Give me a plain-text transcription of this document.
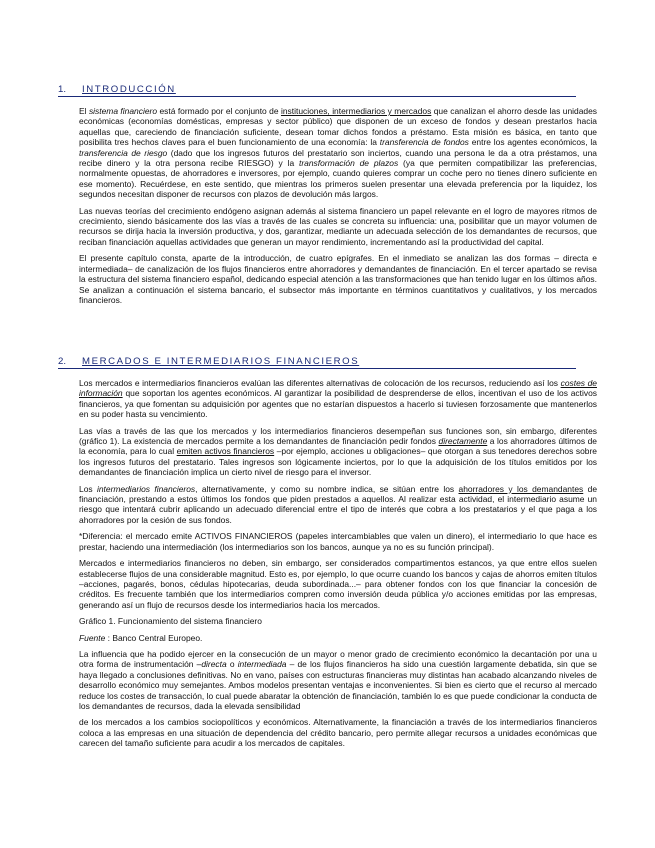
1. INTRODUCCIÓN

El sistema financiero está formado por el conjunto de instituciones, intermediarios y mercados que canalizan el ahorro desde las unidades económicas (economías domésticas, empresas y sector público) que disponen de un exceso de fondos y desean prestarlos hacia aquellas que, careciendo de financiación suficiente, desean tomar dichos fondos a préstamo. Esta misión es básica, en tanto que posibilita tres hechos claves para el buen funcionamiento de una economía: la transferencia de fondos entre los agentes económicos, la transferencia de riesgo (dado que los ingresos futuros del prestatario son inciertos, cuando una persona le da a otra préstamos, una recibe dinero y la otra persona recibe RIESGO) y la transformación de plazos (ya que permiten compatibilizar las preferencias, normalmente opuestas, de ahorradores e inversores, por ejemplo, cuando quieres comprar un coche pero no tienes dinero suficiente en ese momento). Recuérdese, en este sentido, que mientras los primeros suelen presentar una elevada preferencia por la liquidez, los segundos necesitan disponer de recursos con plazos de devolución más largos.

Las nuevas teorías del crecimiento endógeno asignan además al sistema financiero un papel relevante en el logro de mayores ritmos de crecimiento, siendo básicamente dos las vías a través de las cuales se concreta su influencia: una, posibilitar que un mayor volumen de recursos se dirija hacia la inversión productiva, y dos, garantizar, mediante un adecuada selección de los demandantes de recursos, que reciban financiación aquellas actividades que generan un mayor rendimiento, incrementando así la productividad del capital.

El presente capítulo consta, aparte de la introducción, de cuatro epígrafes. En el inmediato se analizan las dos formas – directa e intermediada– de canalización de los flujos financieros entre ahorradores y demandantes de financiación. En el tercer apartado se revisa la estructura del sistema financiero español, dedicando especial atención a las transformaciones que han tenido lugar en los últimos años. Se analizan a continuación el sistema bancario, el subsector más importante en términos cuantitativos y cualitativos, y los mercados financieros.

2. MERCADOS E INTERMEDIARIOS FINANCIEROS

Los mercados e intermediarios financieros evalúan las diferentes alternativas de colocación de los recursos, reduciendo así los costes de información que soportan los agentes económicos. Al garantizar la posibilidad de desprenderse de ellos, incentivan el uso de los activos financieros, ya que fomentan su adquisición por agentes que no estarían dispuestos a hacerlo si tuviesen forzosamente que mantenerlos en su poder hasta su vencimiento.

Las vías a través de las que los mercados y los intermediarios financieros desempeñan sus funciones son, sin embargo, diferentes (gráfico 1). La existencia de mercados permite a los demandantes de financiación pedir fondos directamente a los ahorradores últimos de la economía, para lo cual emiten activos financieros –por ejemplo, acciones u obligaciones– que otorgan a sus tenedores derechos sobre los ingresos futuros del prestatario. Tales ingresos son lógicamente inciertos, por lo que la adquisición de los títulos emitidos por los demandantes de financiación implica un cierto nivel de riesgo para el inversor.

Los intermediarios financieros, alternativamente, y como su nombre indica, se sitúan entre los ahorradores y los demandantes de financiación, prestando a estos últimos los fondos que piden prestados a aquellos. Al realizar esta actividad, el intermediario asume un riesgo que intentará cubrir aplicando un adecuado diferencial entre el tipo de interés que cobra a los prestatarios y el que paga a los ahorradores por la cesión de sus fondos.

*Diferencia: el mercado emite ACTIVOS FINANCIEROS (papeles intercambiables que valen un dinero), el intermediario lo que hace es prestar, haciendo una intermediación (los intermediarios son los bancos, aunque ya no es su función principal).

Mercados e intermediarios financieros no deben, sin embargo, ser considerados compartimentos estancos, ya que entre ellos suelen establecerse flujos de una considerable magnitud. Esto es, por ejemplo, lo que ocurre cuando los bancos y cajas de ahorros emiten títulos –acciones, pagarés, bonos, cédulas hipotecarias, deuda subordinada...– para obtener fondos con los que financiar la concesión de créditos. Es frecuente también que los intermediarios compren como inversión deuda pública y/o acciones emitidas por las empresas, generando así un flujo de recursos desde los intermediarios hacia los mercados.

Gráfico 1. Funcionamiento del sistema financiero

Fuente : Banco Central Europeo.

La influencia que ha podido ejercer en la consecución de un mayor o menor grado de crecimiento económico la decantación por una u otra forma de instrumentación –directa o intermediada – de los flujos financieros ha sido una cuestión largamente debatida, sin que se haya llegado a conclusiones definitivas. No en vano, países con estructuras financieras muy distintas han acabado alcanzando niveles de desarrollo económico muy semejantes. Ambos modelos presentan ventajas e inconvenientes. Si bien es cierto que el recurso al mercado reduce los costes de transacción, lo cual puede abaratar la obtención de financiación, también lo es que puede condicionar la conducta de los demandantes de recursos, dada la elevada sensibilidad

de los mercados a los cambios sociopolíticos y económicos. Alternativamente, la financiación a través de los intermediarios financieros coloca a las empresas en una situación de dependencia del crédito bancario, pero permite allegar recursos a unidades económicas que carecen del tamaño suficiente para acudir a los mercados de capitales.
